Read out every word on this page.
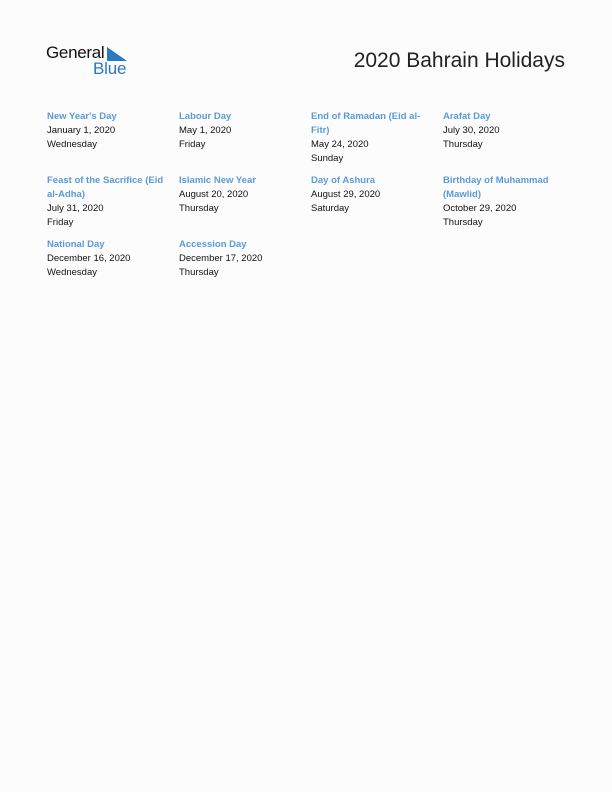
General
Blue	2020 Bahrain Holidays
New Year's Day
January 1, 2020
Wednesday
Labour Day
May 1, 2020
Friday
End of Ramadan (Eid al-Fitr)
May 24, 2020
Sunday
Arafat Day
July 30, 2020
Thursday
Feast of the Sacrifice (Eid al-Adha)
July 31, 2020
Friday
Islamic New Year
August 20, 2020
Thursday
Day of Ashura
August 29, 2020
Saturday
Birthday of Muhammad (Mawlid)
October 29, 2020
Thursday
National Day
December 16, 2020
Wednesday
Accession Day
December 17, 2020
Thursday
